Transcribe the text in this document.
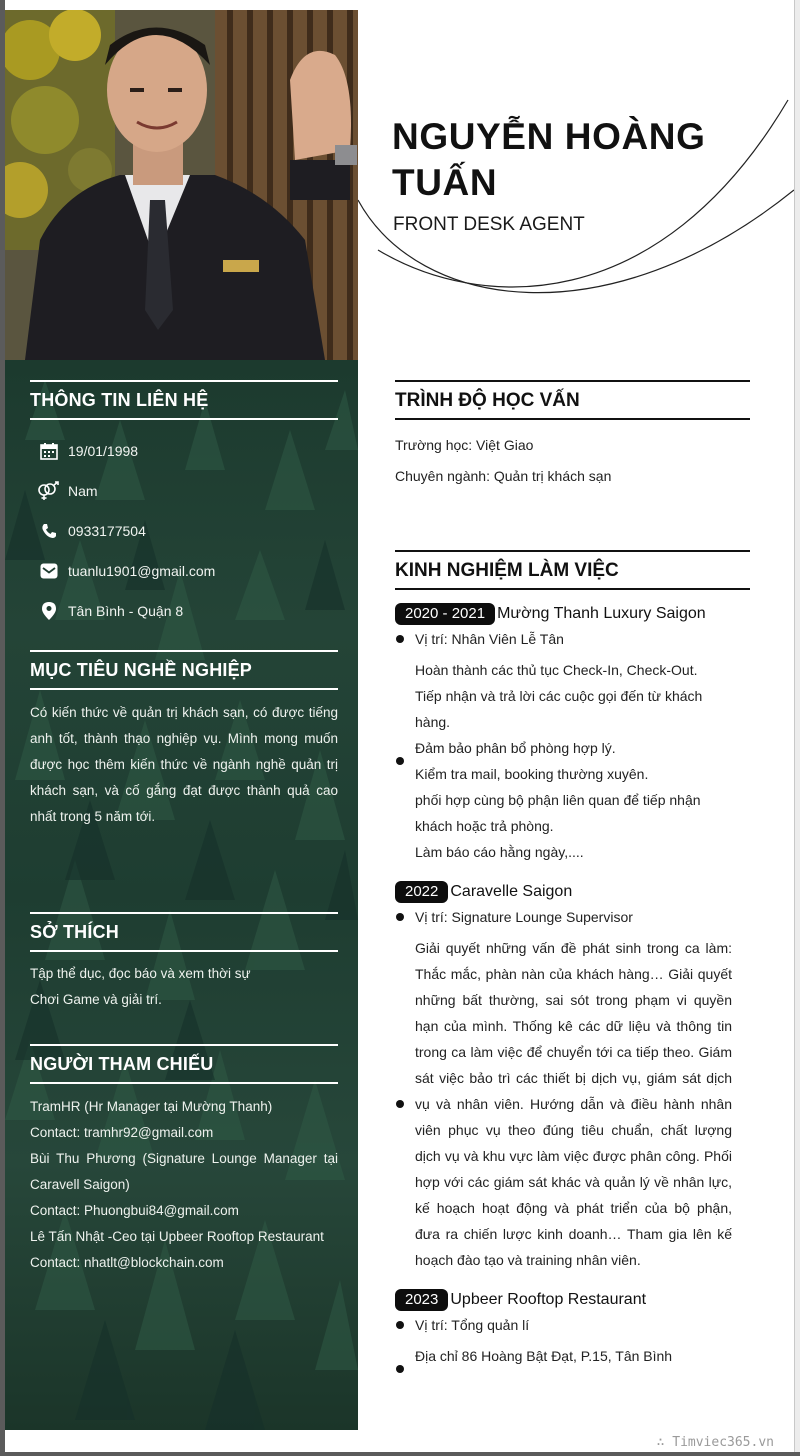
THÔNG TIN LIÊN HỆ
19/01/1998
Nam
0933177504
tuanlu1901@gmail.com
Tân Bình - Quận 8
MỤC TIÊU NGHỀ NGHIỆP
Có kiến thức về quản trị khách sạn, có được tiếng anh tốt, thành thạo nghiệp vụ. Mình mong muốn được học thêm kiến thức về ngành nghề quản trị khách sạn, và cố gắng đạt được thành quả cao nhất trong 5 năm tới.
SỞ THÍCH
Tập thể dục, đọc báo và xem thời sự
Chơi Game và giải trí.
NGƯỜI THAM CHIẾU
TramHR (Hr Manager tại Mường Thanh)
Contact: tramhr92@gmail.com
Bùi Thu Phương (Signature Lounge Manager tại Caravell Saigon)
Contact: Phuongbui84@gmail.com
Lê Tấn Nhật -Ceo tại Upbeer Rooftop Restaurant
Contact: nhatlt@blockchain.com
NGUYỄN HOÀNG TUẤN
FRONT DESK AGENT
TRÌNH ĐỘ HỌC VẤN
Trường học: Việt Giao
Chuyên ngành: Quản trị khách sạn
KINH NGHIỆM LÀM VIỆC
2020 - 2021 Mường Thanh Luxury Saigon
Vị trí: Nhân Viên Lễ Tân
Hoàn thành các thủ tục Check-In, Check-Out.
Tiếp nhận và trả lời các cuộc gọi đến từ khách hàng.
Đảm bảo phân bổ phòng hợp lý.
Kiểm tra mail, booking thường xuyên.
phối hợp cùng bộ phận liên quan để tiếp nhận khách hoặc trả phòng.
Làm báo cáo hằng ngày,....
2022 Caravelle Saigon
Vị trí: Signature Lounge Supervisor
Giải quyết những vấn đề phát sinh trong ca làm: Thắc mắc, phàn nàn của khách hàng… Giải quyết những bất thường, sai sót trong phạm vi quyền hạn của mình. Thống kê các dữ liệu và thông tin trong ca làm việc để chuyển tới ca tiếp theo. Giám sát việc bảo trì các thiết bị dịch vụ, giám sát dịch vụ và nhân viên. Hướng dẫn và điều hành nhân viên phục vụ theo đúng tiêu chuẩn, chất lượng dịch vụ và khu vực làm việc được phân công. Phối hợp với các giám sát khác và quản lý về nhân lực, kế hoạch hoạt động và phát triển của bộ phận, đưa ra chiến lược kinh doanh… Tham gia lên kế hoạch đào tạo và training nhân viên.
2023 Upbeer Rooftop Restaurant
Vị trí: Tổng quản lí
Địa chỉ 86 Hoàng Bật Đạt, P.15, Tân Bình
∴ Timviec365.vn
